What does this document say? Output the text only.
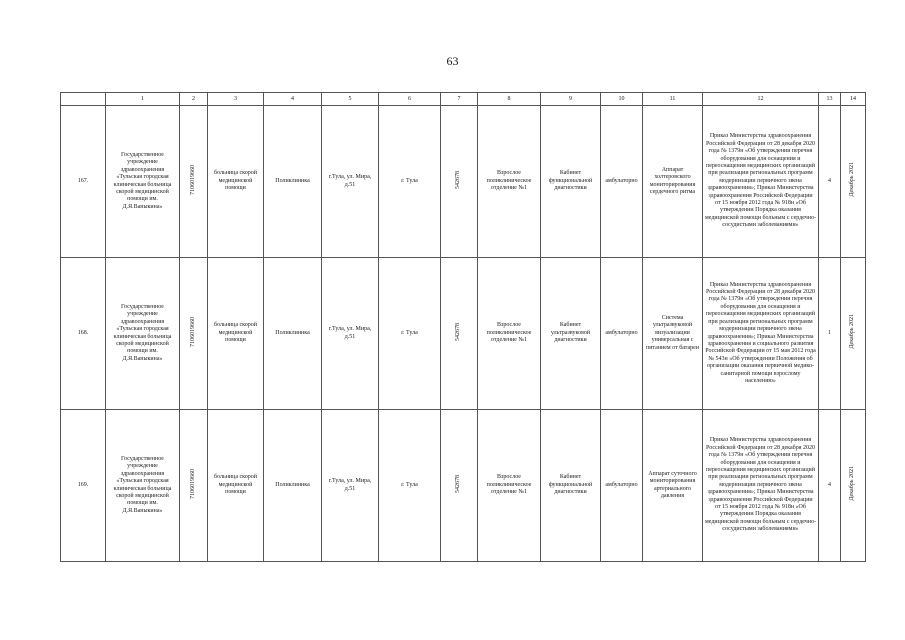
63
	1	2	3	4	5	6	7	8	9	10	11	12	13	14
167.	Государственное учреждение здравоохранения «Тульская городская клиническая больница скорой медицинской помощи им. Д.Я.Ваныкина»	7106019660	больница скорой медицинской помощи	Поликлиника	г.Тула, ул. Мира, д.51	г. Тула	542678	Взрослое поликлиническое отделение №1	Кабинет функциональной диагностики	амбулаторно	Аппарат холтеровского мониторирования сердечного ритма	Приказ Министерства здравоохранения Российской Федерации от 28 декабря 2020 года № 1379н «Об утверждении перечня оборудования для оснащения и переоснащения медицинских организаций при реализации региональных программ модернизации первичного звена здравоохранения»; Приказ Министерства здравоохранения Российской Федерации от 15 ноября 2012 года № 918н «Об утверждении Порядка оказания медицинской помощи больным с сердечно-сосудистыми заболеваниями»	4	Декабрь 2021
168.	Государственное учреждение здравоохранения «Тульская городская клиническая больница скорой медицинской помощи им. Д.Я.Ваныкина»	7106019660	больница скорой медицинской помощи	Поликлиника	г.Тула, ул. Мира, д.51	г. Тула	542678	Взрослое поликлиническое отделение №1	Кабинет ультразвуковой диагностики	амбулаторно	Система ультразвуковой визуализации универсальная с питанием от батареи	Приказ Министерства здравоохранения Российской Федерации от 28 декабря 2020 года № 1379н «Об утверждении перечня оборудования для оснащения и переоснащения медицинских организаций при реализации региональных программ модернизации первичного звена здравоохранения»; Приказ Министерства здравоохранения и социального развития Российской Федерации от 15 мая 2012 года № 543н «Об утверждении Положения об организации оказания первичной медико-санитарной помощи взрослому населению»	1	Декабрь 2021
169.	Государственное учреждение здравоохранения «Тульская городская клиническая больница скорой медицинской помощи им. Д.Я.Ваныкина»	7106019660	больница скорой медицинской помощи	Поликлиника	г.Тула, ул. Мира, д.51	г. Тула	542678	Взрослое поликлиническое отделение №1	Кабинет функциональной диагностики	амбулаторно	Аппарат суточного мониторирования артериального давления	Приказ Министерства здравоохранения Российской Федерации от 28 декабря 2020 года № 1379н «Об утверждении перечня оборудования для оснащения и переоснащения медицинских организаций при реализации региональных программ модернизации первичного звена здравоохранения»; Приказ Министерства здравоохранения Российской Федерации от 15 ноября 2012 года № 918н «Об утверждении Порядка оказания медицинской помощи больным с сердечно-сосудистыми заболеваниями»	4	Декабрь 2021
